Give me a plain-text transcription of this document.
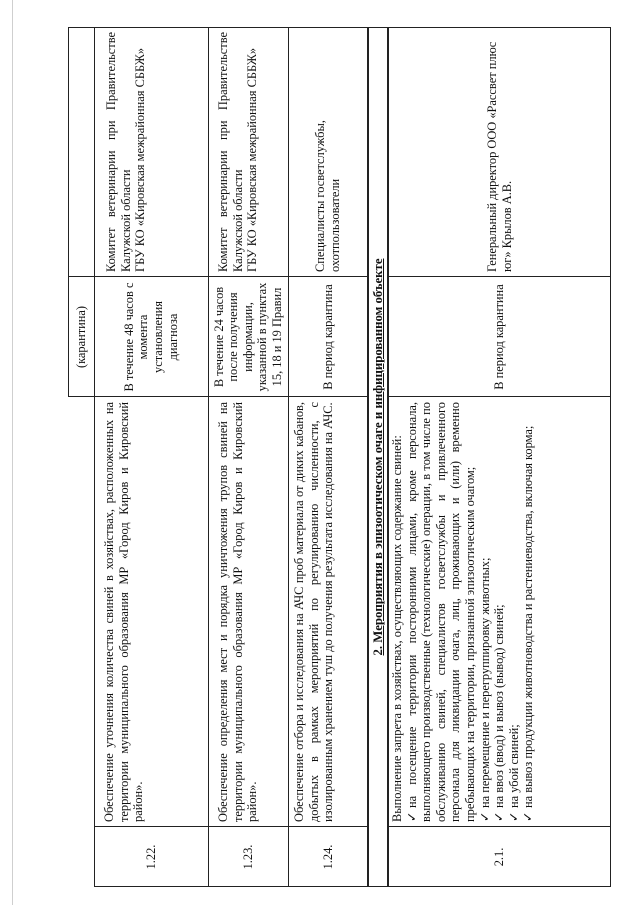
(карантина)
1.22.
Обеспечение уточнения количества свиней в хозяйствах, расположенных на территории муниципального образования МР «Город Киров и Кировский район».
В течение 48 часов с момента установления диагноза
Комитет ветеринарии при Правительстве Калужской области ГБУ КО «Кировская межрайонная СББЖ»
1.23.
Обеспечение определения мест и порядка уничтожения трупов свиней на территории муниципального образования МР «Город Киров и Кировский район».
В течение 24 часов после получения информации, указанной в пунктах 15, 18 и 19 Правил
Комитет ветеринарии при Правительстве Калужской области ГБУ КО «Кировская межрайонная СББЖ»
1.24.
Обеспечение отбора и исследования на АЧС проб материала от диких кабанов, добытых в рамках мероприятий по регулированию численности, с изолированным хранением туш до получения результата исследования на АЧС.
В период карантина
Специалисты госветслужбы, охотпользователи
2. Мероприятия в эпизоотическом очаге и инфицированном объекте
2.1.
Выполнение запрета в хозяйствах, осуществляющих содержание свиней: ✓на посещение территории посторонними лицами, кроме персонала, выполняющего производственные (технологические) операции, в том числе по обслуживанию свиней, специалистов госветслужбы и привлеченного персонала для ликвидации очага, лиц, проживающих и (или) временно пребывающих на территории, признанной эпизоотическим очагом; ✓на перемещение и перегруппировку животных;
✓на ввоз (ввод) и вывоз (вывод) свиней;
✓на убой свиней;
✓на вывоз продукции животноводства и растениеводства, включая корма;
В период карантина
Генеральный директор ООО «Рассвет плюс юг» Крылов А.В.
